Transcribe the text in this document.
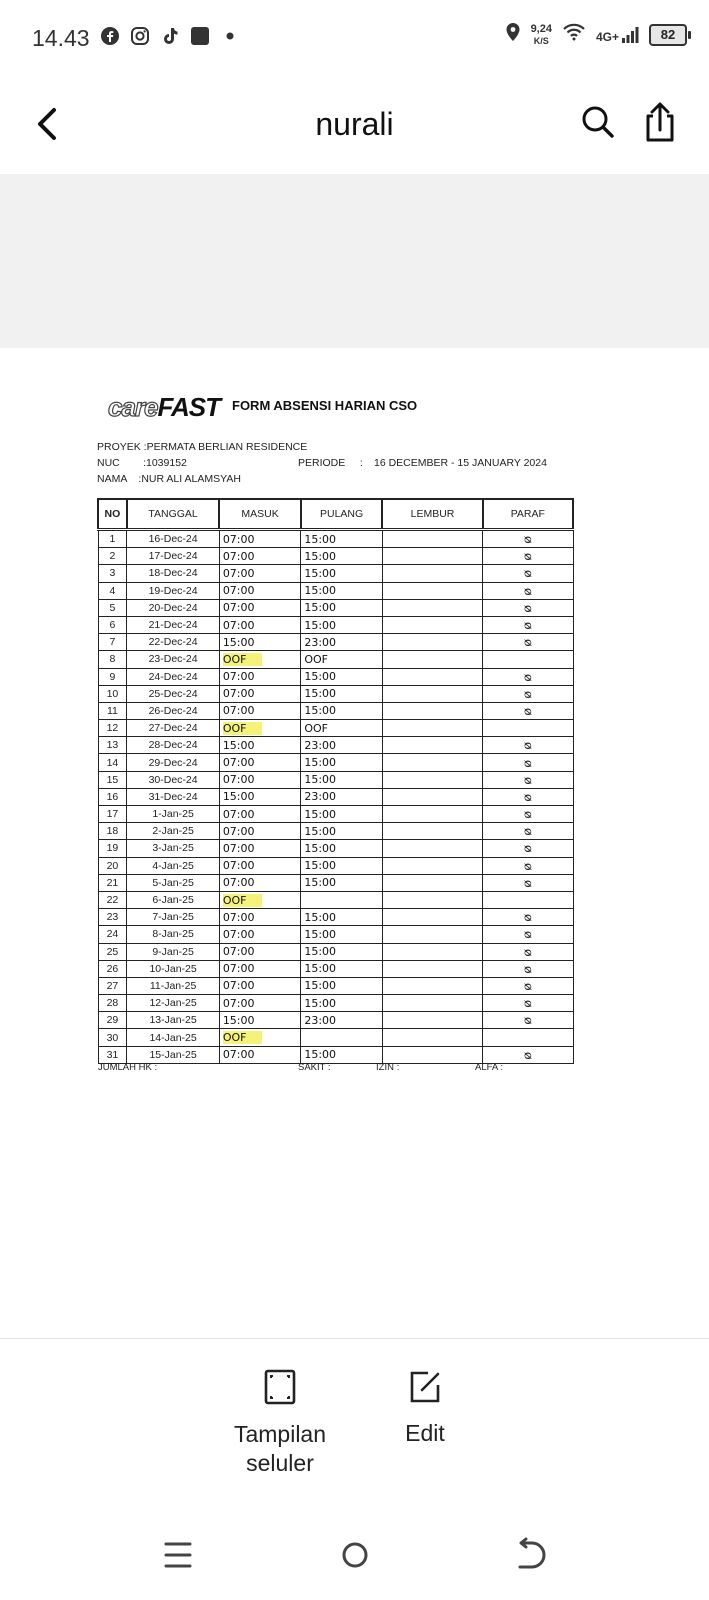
14.43	9,24
K/S	4G+	82
nurali
careFAST FORM ABSENSI HARIAN CSO
PROYEK :PERMATA BERLIAN RESIDENCE
NUC        :1039152
NAMA    :NUR ALI ALAMSYAH
PERIODE     : 16 DECEMBER - 15 JANUARY 2024
NO	TANGGAL	MASUK	PULANG	LEMBUR	PARAF
1	16-Dec-24	07:00	15:00		ᴓ
2	17-Dec-24	07:00	15:00		ᴓ
3	18-Dec-24	07:00	15:00		ᴓ
4	19-Dec-24	07:00	15:00		ᴓ
5	20-Dec-24	07:00	15:00		ᴓ
6	21-Dec-24	07:00	15:00		ᴓ
7	22-Dec-24	15:00	23:00		ᴓ
8	23-Dec-24	OOF	OOF		
9	24-Dec-24	07:00	15:00		ᴓ
10	25-Dec-24	07:00	15:00		ᴓ
11	26-Dec-24	07:00	15:00		ᴓ
12	27-Dec-24	OOF	OOF		
13	28-Dec-24	15:00	23:00		ᴓ
14	29-Dec-24	07:00	15:00		ᴓ
15	30-Dec-24	07:00	15:00		ᴓ
16	31-Dec-24	15:00	23:00		ᴓ
17	1-Jan-25	07:00	15:00		ᴓ
18	2-Jan-25	07:00	15:00		ᴓ
19	3-Jan-25	07:00	15:00		ᴓ
20	4-Jan-25	07:00	15:00		ᴓ
21	5-Jan-25	07:00	15:00		ᴓ
22	6-Jan-25	OOF			
23	7-Jan-25	07:00	15:00		ᴓ
24	8-Jan-25	07:00	15:00		ᴓ
25	9-Jan-25	07:00	15:00		ᴓ
26	10-Jan-25	07:00	15:00		ᴓ
27	11-Jan-25	07:00	15:00		ᴓ
28	12-Jan-25	07:00	15:00		ᴓ
29	13-Jan-25	15:00	23:00		ᴓ
30	14-Jan-25	OOF			
31	15-Jan-25	07:00	15:00		ᴓ
JUMLAH HK :	SAKIT :	IZIN :	ALFA :
Tampilan seluler
Edit
